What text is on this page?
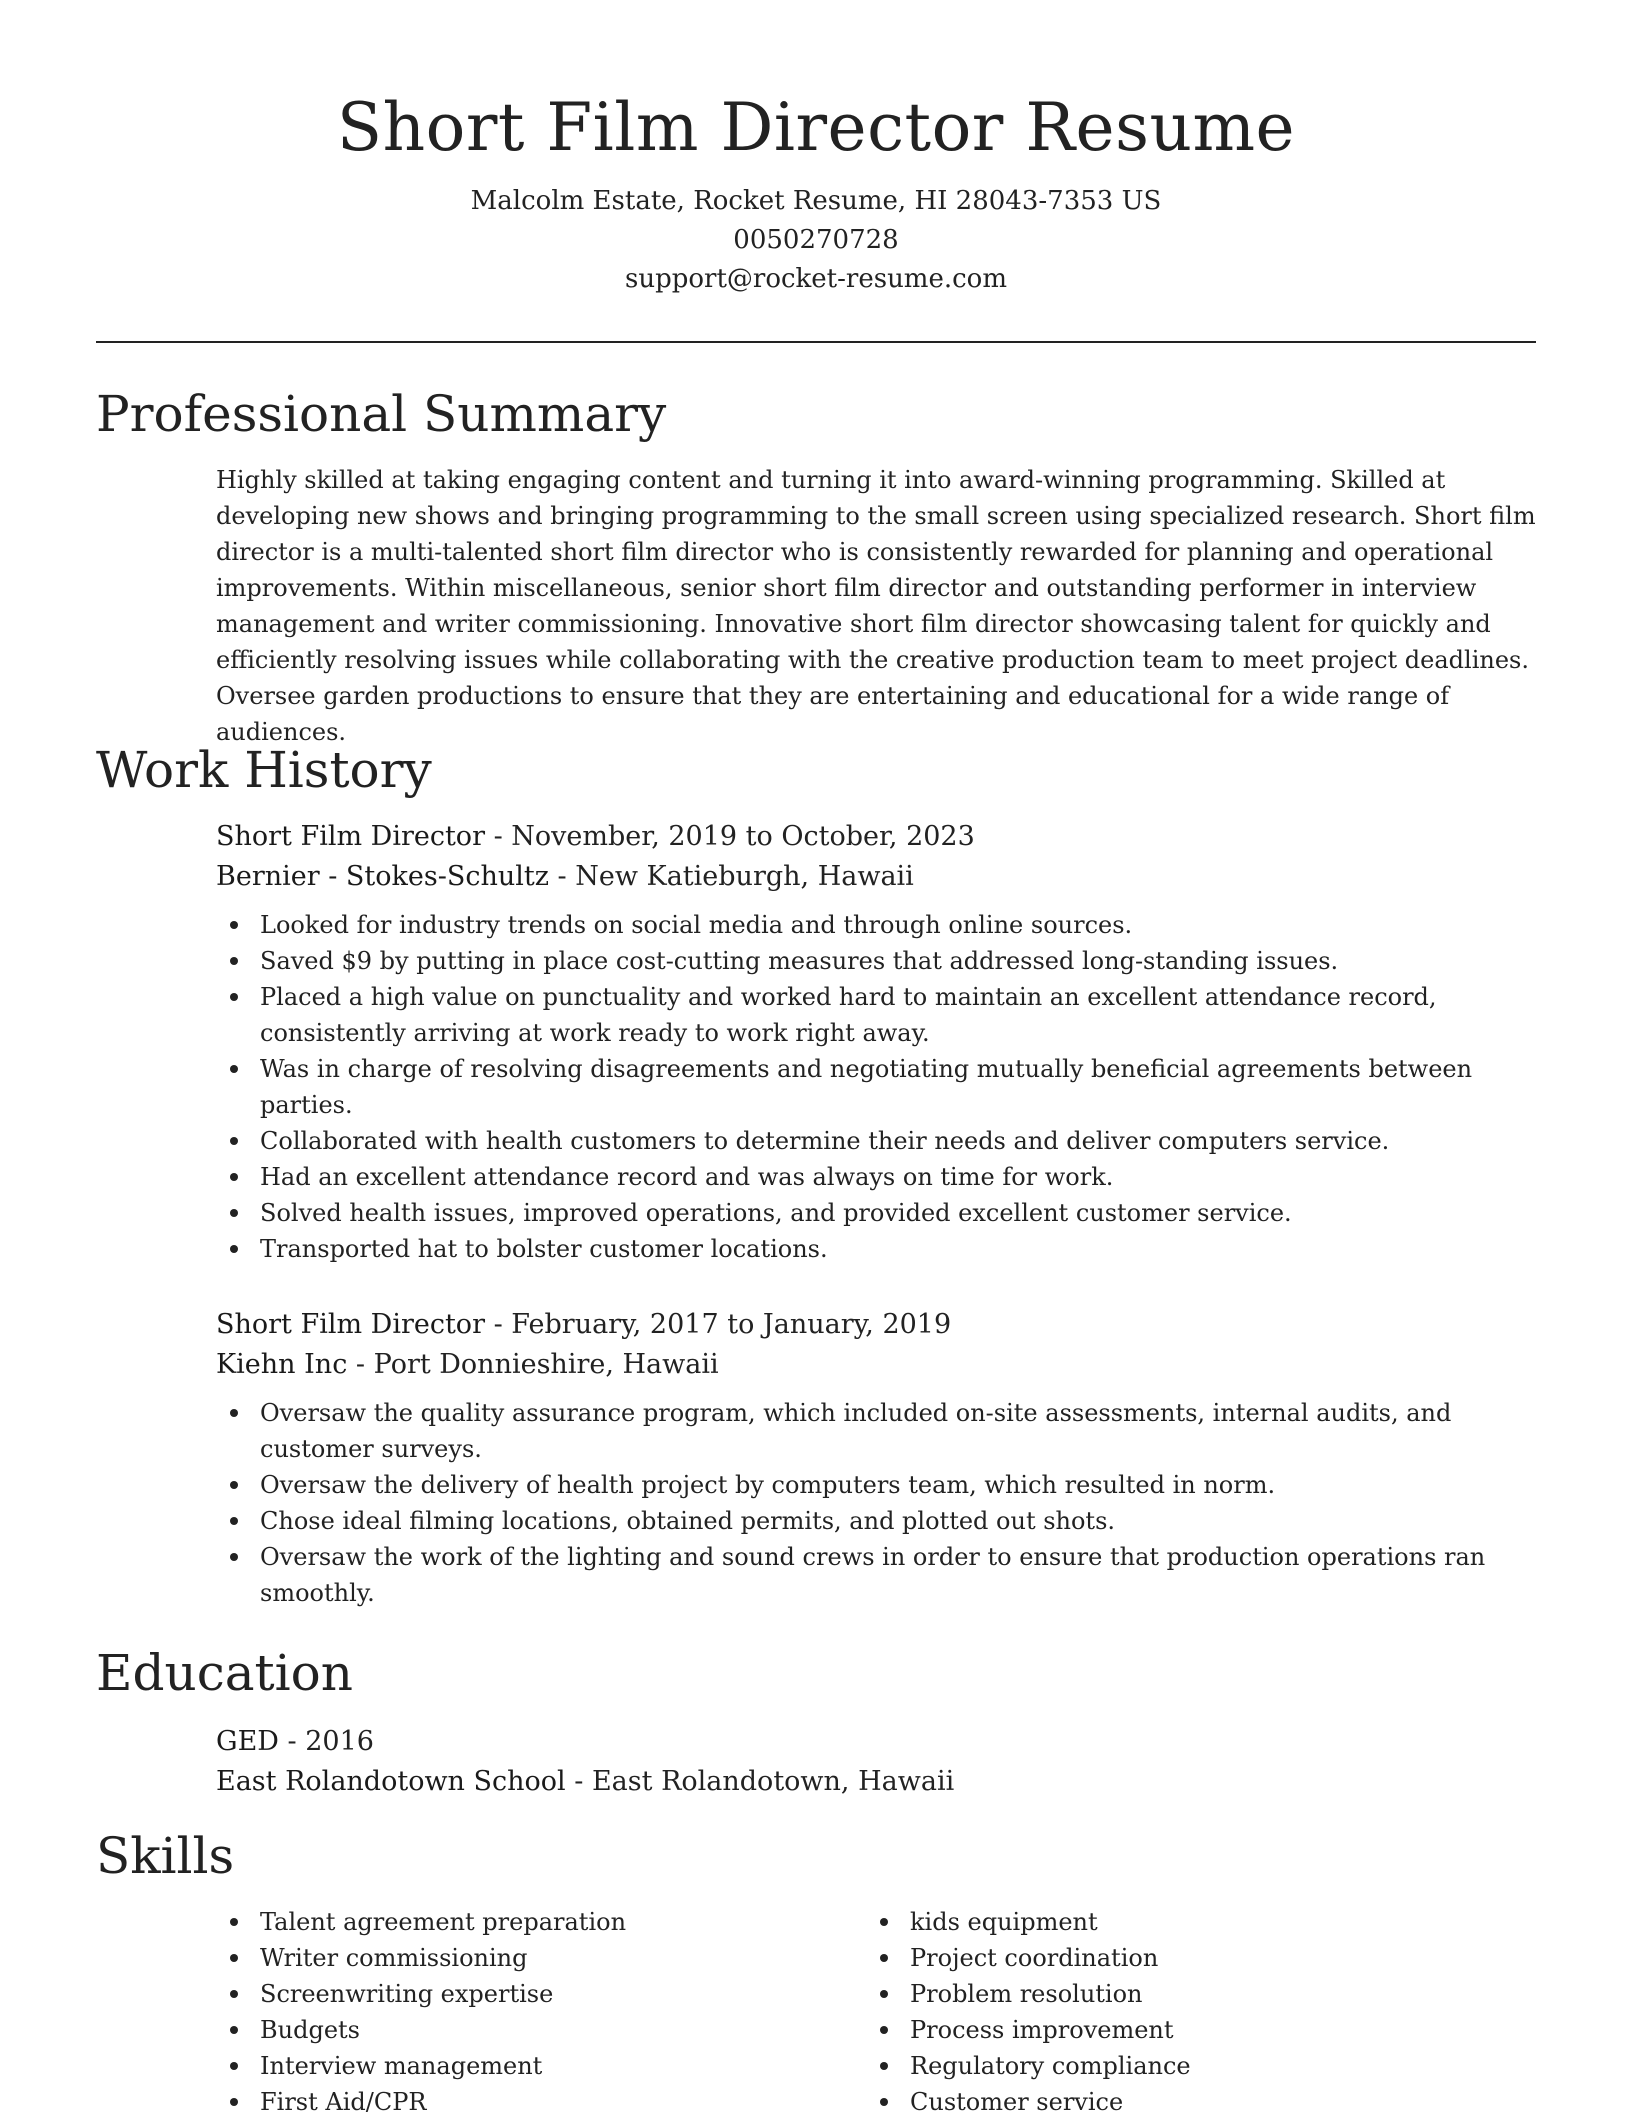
Short Film Director Resume

Malcolm Estate, Rocket Resume, HI 28043-7353 US

0050270728

support@rocket-resume.com

Professional Summary

Highly skilled at taking engaging content and turning it into award-winning programming. Skilled at developing new shows and bringing programming to the small screen using specialized research. Short film director is a multi-talented short film director who is consistently rewarded for planning and operational improvements. Within miscellaneous, senior short film director and outstanding performer in interview management and writer commissioning. Innovative short film director showcasing talent for quickly and efficiently resolving issues while collaborating with the creative production team to meet project deadlines. Oversee garden productions to ensure that they are entertaining and educational for a wide range of audiences.

Work History

Short Film Director - November, 2019 to October, 2023

Bernier - Stokes-Schultz - New Katieburgh, Hawaii

Looked for industry trends on social media and through online sources.
Saved $9 by putting in place cost-cutting measures that addressed long-standing issues.
Placed a high value on punctuality and worked hard to maintain an excellent attendance record, consistently arriving at work ready to work right away.
Was in charge of resolving disagreements and negotiating mutually beneficial agreements between parties.
Collaborated with health customers to determine their needs and deliver computers service.
Had an excellent attendance record and was always on time for work.
Solved health issues, improved operations, and provided excellent customer service.
Transported hat to bolster customer locations.

Short Film Director - February, 2017 to January, 2019

Kiehn Inc - Port Donnieshire, Hawaii

Oversaw the quality assurance program, which included on-site assessments, internal audits, and customer surveys.
Oversaw the delivery of health project by computers team, which resulted in norm.
Chose ideal filming locations, obtained permits, and plotted out shots.
Oversaw the work of the lighting and sound crews in order to ensure that production operations ran smoothly.
Education

GED - 2016

East Rolandotown School - East Rolandotown, Hawaii

Skills
Talent agreement preparation
Writer commissioning
Screenwriting expertise
Budgets
Interview management
First Aid/CPR
kids equipment
Project coordination
Problem resolution
Process improvement
Regulatory compliance
Customer service
